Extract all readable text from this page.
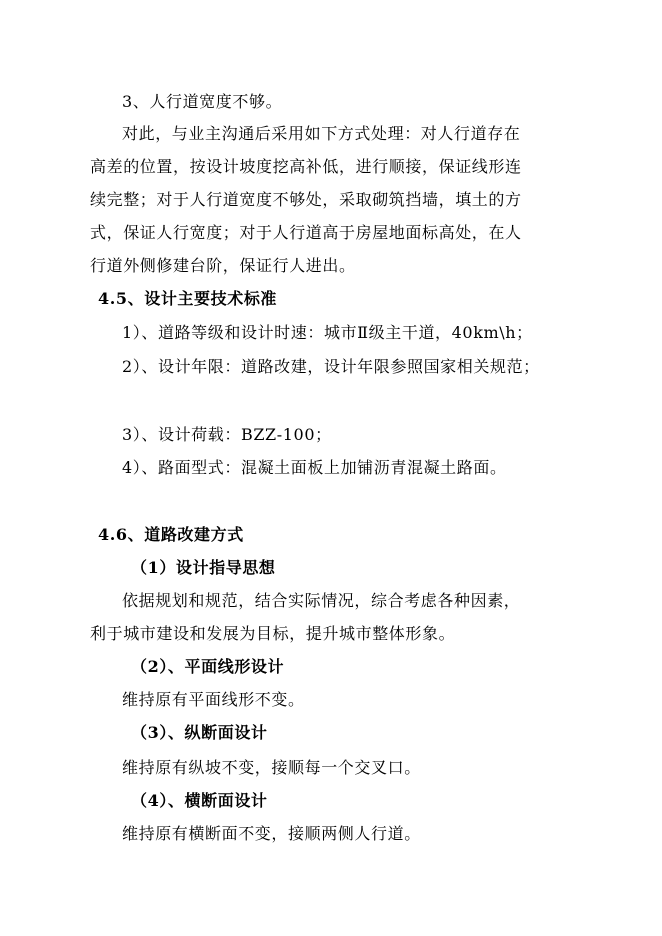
3、人行道宽度不够。
对此，与业主沟通后采用如下方式处理：对人行道存在
高差的位置，按设计坡度挖高补低，进行顺接，保证线形连
续完整；对于人行道宽度不够处，采取砌筑挡墙，填土的方
式，保证人行宽度；对于人行道高于房屋地面标高处，在人
行道外侧修建台阶，保证行人进出。
4.5、设计主要技术标准
1）、道路等级和设计时速：城市Ⅱ级主干道，40km\h；
2）、设计年限：道路改建，设计年限参照国家相关规范；
3）、设计荷载：BZZ-100；
4）、路面型式：混凝土面板上加铺沥青混凝土路面。
4.6、道路改建方式
（1）设计指导思想
依据规划和规范，结合实际情况，综合考虑各种因素，
利于城市建设和发展为目标，提升城市整体形象。
（2）、平面线形设计
维持原有平面线形不变。
（3）、纵断面设计
维持原有纵坡不变，接顺每一个交叉口。
（4）、横断面设计
维持原有横断面不变，接顺两侧人行道。
